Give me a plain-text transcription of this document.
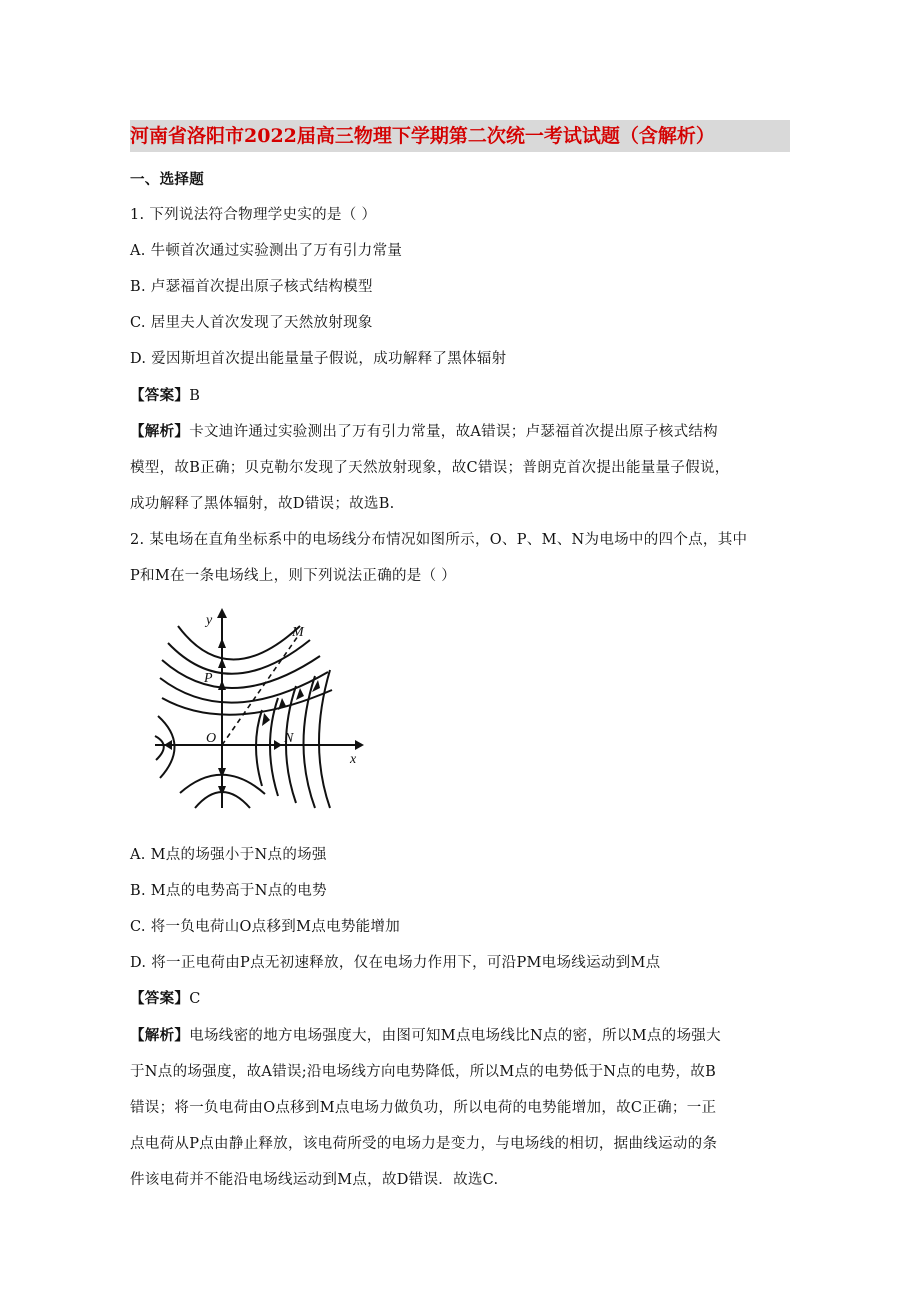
河南省洛阳市2022届高三物理下学期第二次统一考试试题（含解析）
一、选择题
1. 下列说法符合物理学史实的是（ ）
A. 牛顿首次通过实验测出了万有引力常量
B. 卢瑟福首次提出原子核式结构模型
C. 居里夫人首次发现了天然放射现象
D. 爱因斯坦首次提出能量量子假说，成功解释了黑体辐射
【答案】B
【解析】卡文迪许通过实验测出了万有引力常量，故A错误；卢瑟福首次提出原子核式结构
模型，故B正确；贝克勒尔发现了天然放射现象，故C错误；普朗克首次提出能量量子假说，
成功解释了黑体辐射，故D错误；故选B.
2. 某电场在直角坐标系中的电场线分布情况如图所示，O、P、M、N为电场中的四个点，其中
P和M在一条电场线上，则下列说法正确的是（ ）
y
x
O
P
M
N
A. M点的场强小于N点的场强
B. M点的电势高于N点的电势
C. 将一负电荷山O点移到M点电势能增加
D. 将一正电荷由P点无初速释放，仅在电场力作用下，可沿PM电场线运动到M点
【答案】C
【解析】电场线密的地方电场强度大，由图可知M点电场线比N点的密，所以M点的场强大
于N点的场强度，故A错误;沿电场线方向电势降低，所以M点的电势低于N点的电势，故B
错误；将一负电荷由O点移到M点电场力做负功，所以电荷的电势能增加，故C正确；一正
点电荷从P点由静止释放，该电荷所受的电场力是变力，与电场线的相切，据曲线运动的条
件该电荷并不能沿电场线运动到M点，故D错误．故选C.
